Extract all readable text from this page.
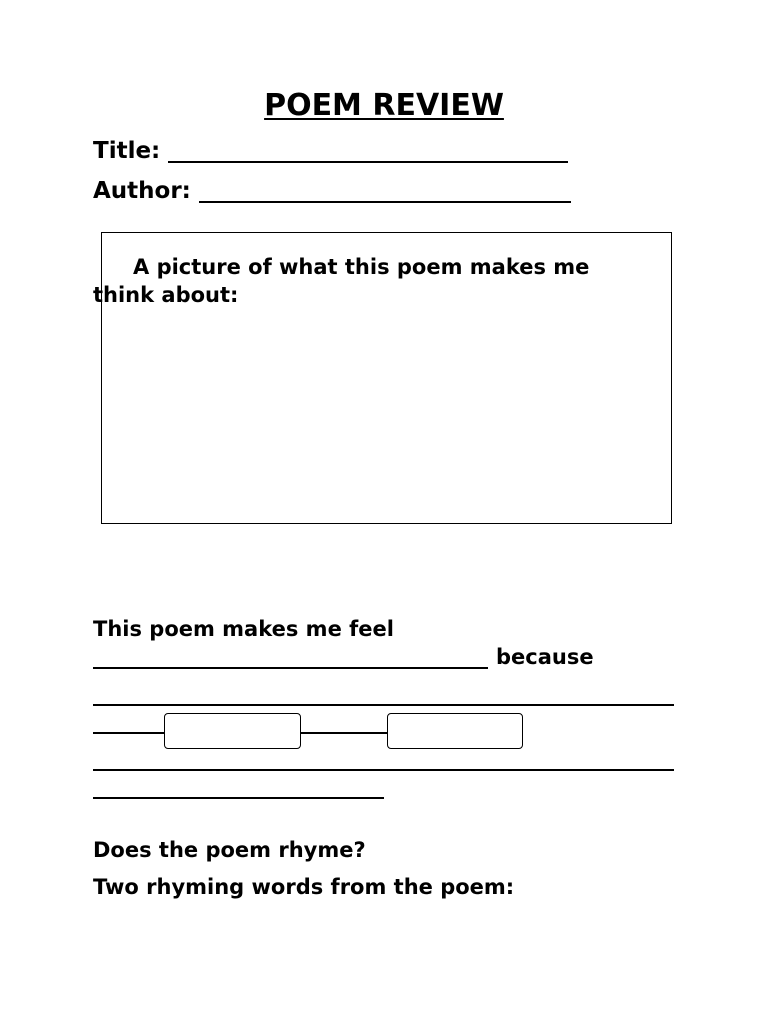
POEM REVIEW
Title:
Author:
A picture of what this poem makes me think about:
This poem makes me feel
because
Does the poem rhyme?
Two rhyming words from the poem:
